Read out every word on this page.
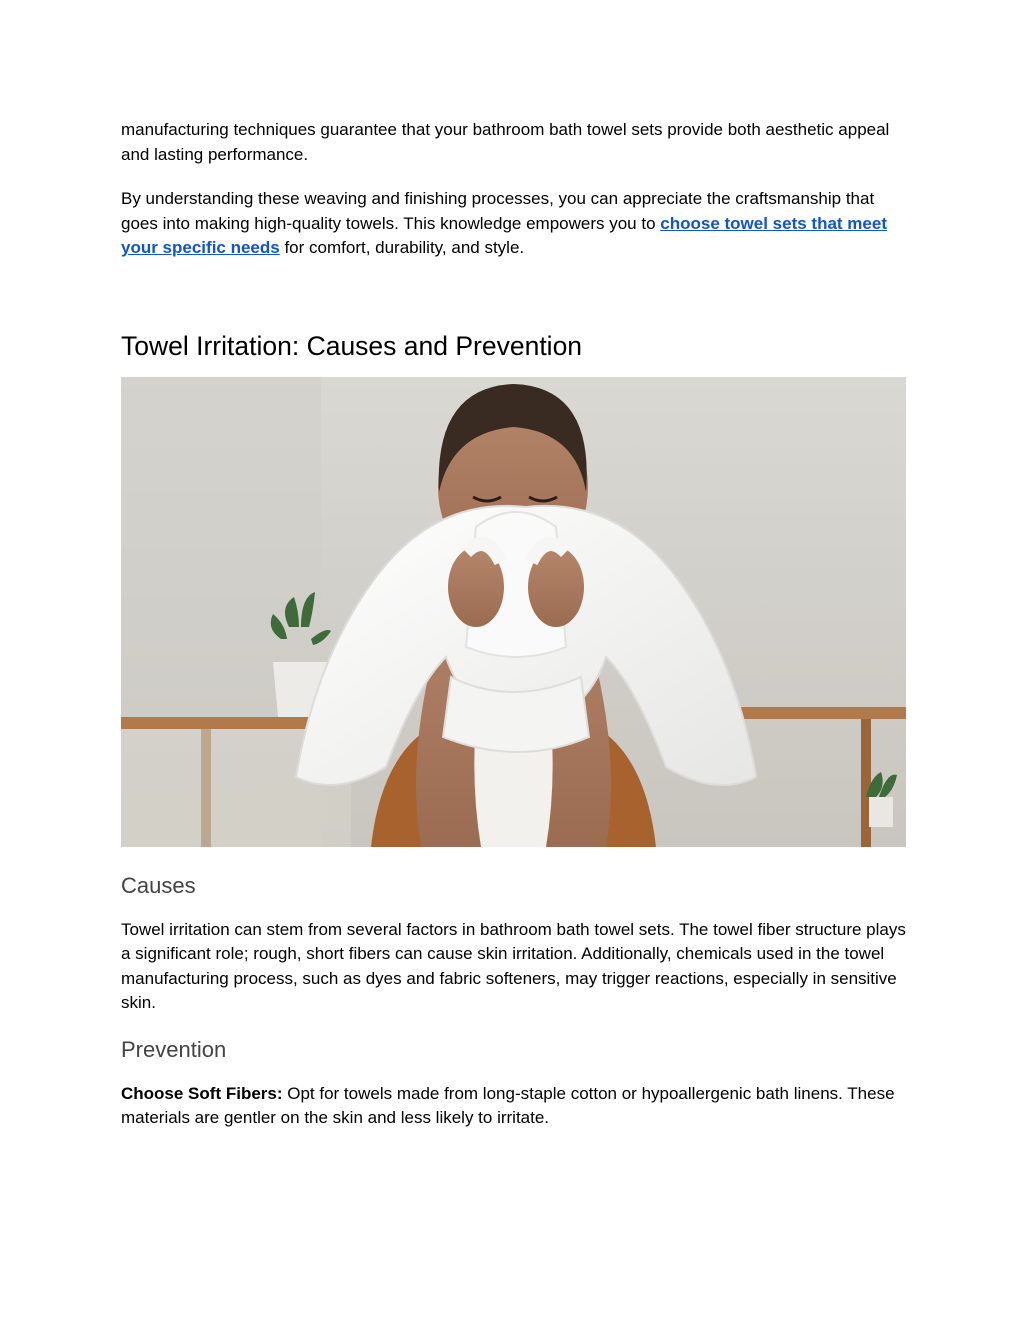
manufacturing techniques guarantee that your bathroom bath towel sets provide both aesthetic appeal and lasting performance.

By understanding these weaving and finishing processes, you can appreciate the craftsmanship that goes into making high-quality towels. This knowledge empowers you to choose towel sets that meet your specific needs for comfort, durability, and style.

Towel Irritation: Causes and Prevention
Causes

Towel irritation can stem from several factors in bathroom bath towel sets. The towel fiber structure plays a significant role; rough, short fibers can cause skin irritation. Additionally, chemicals used in the towel manufacturing process, such as dyes and fabric softeners, may trigger reactions, especially in sensitive skin.

Prevention

Choose Soft Fibers: Opt for towels made from long-staple cotton or hypoallergenic bath linens. These materials are gentler on the skin and less likely to irritate.
